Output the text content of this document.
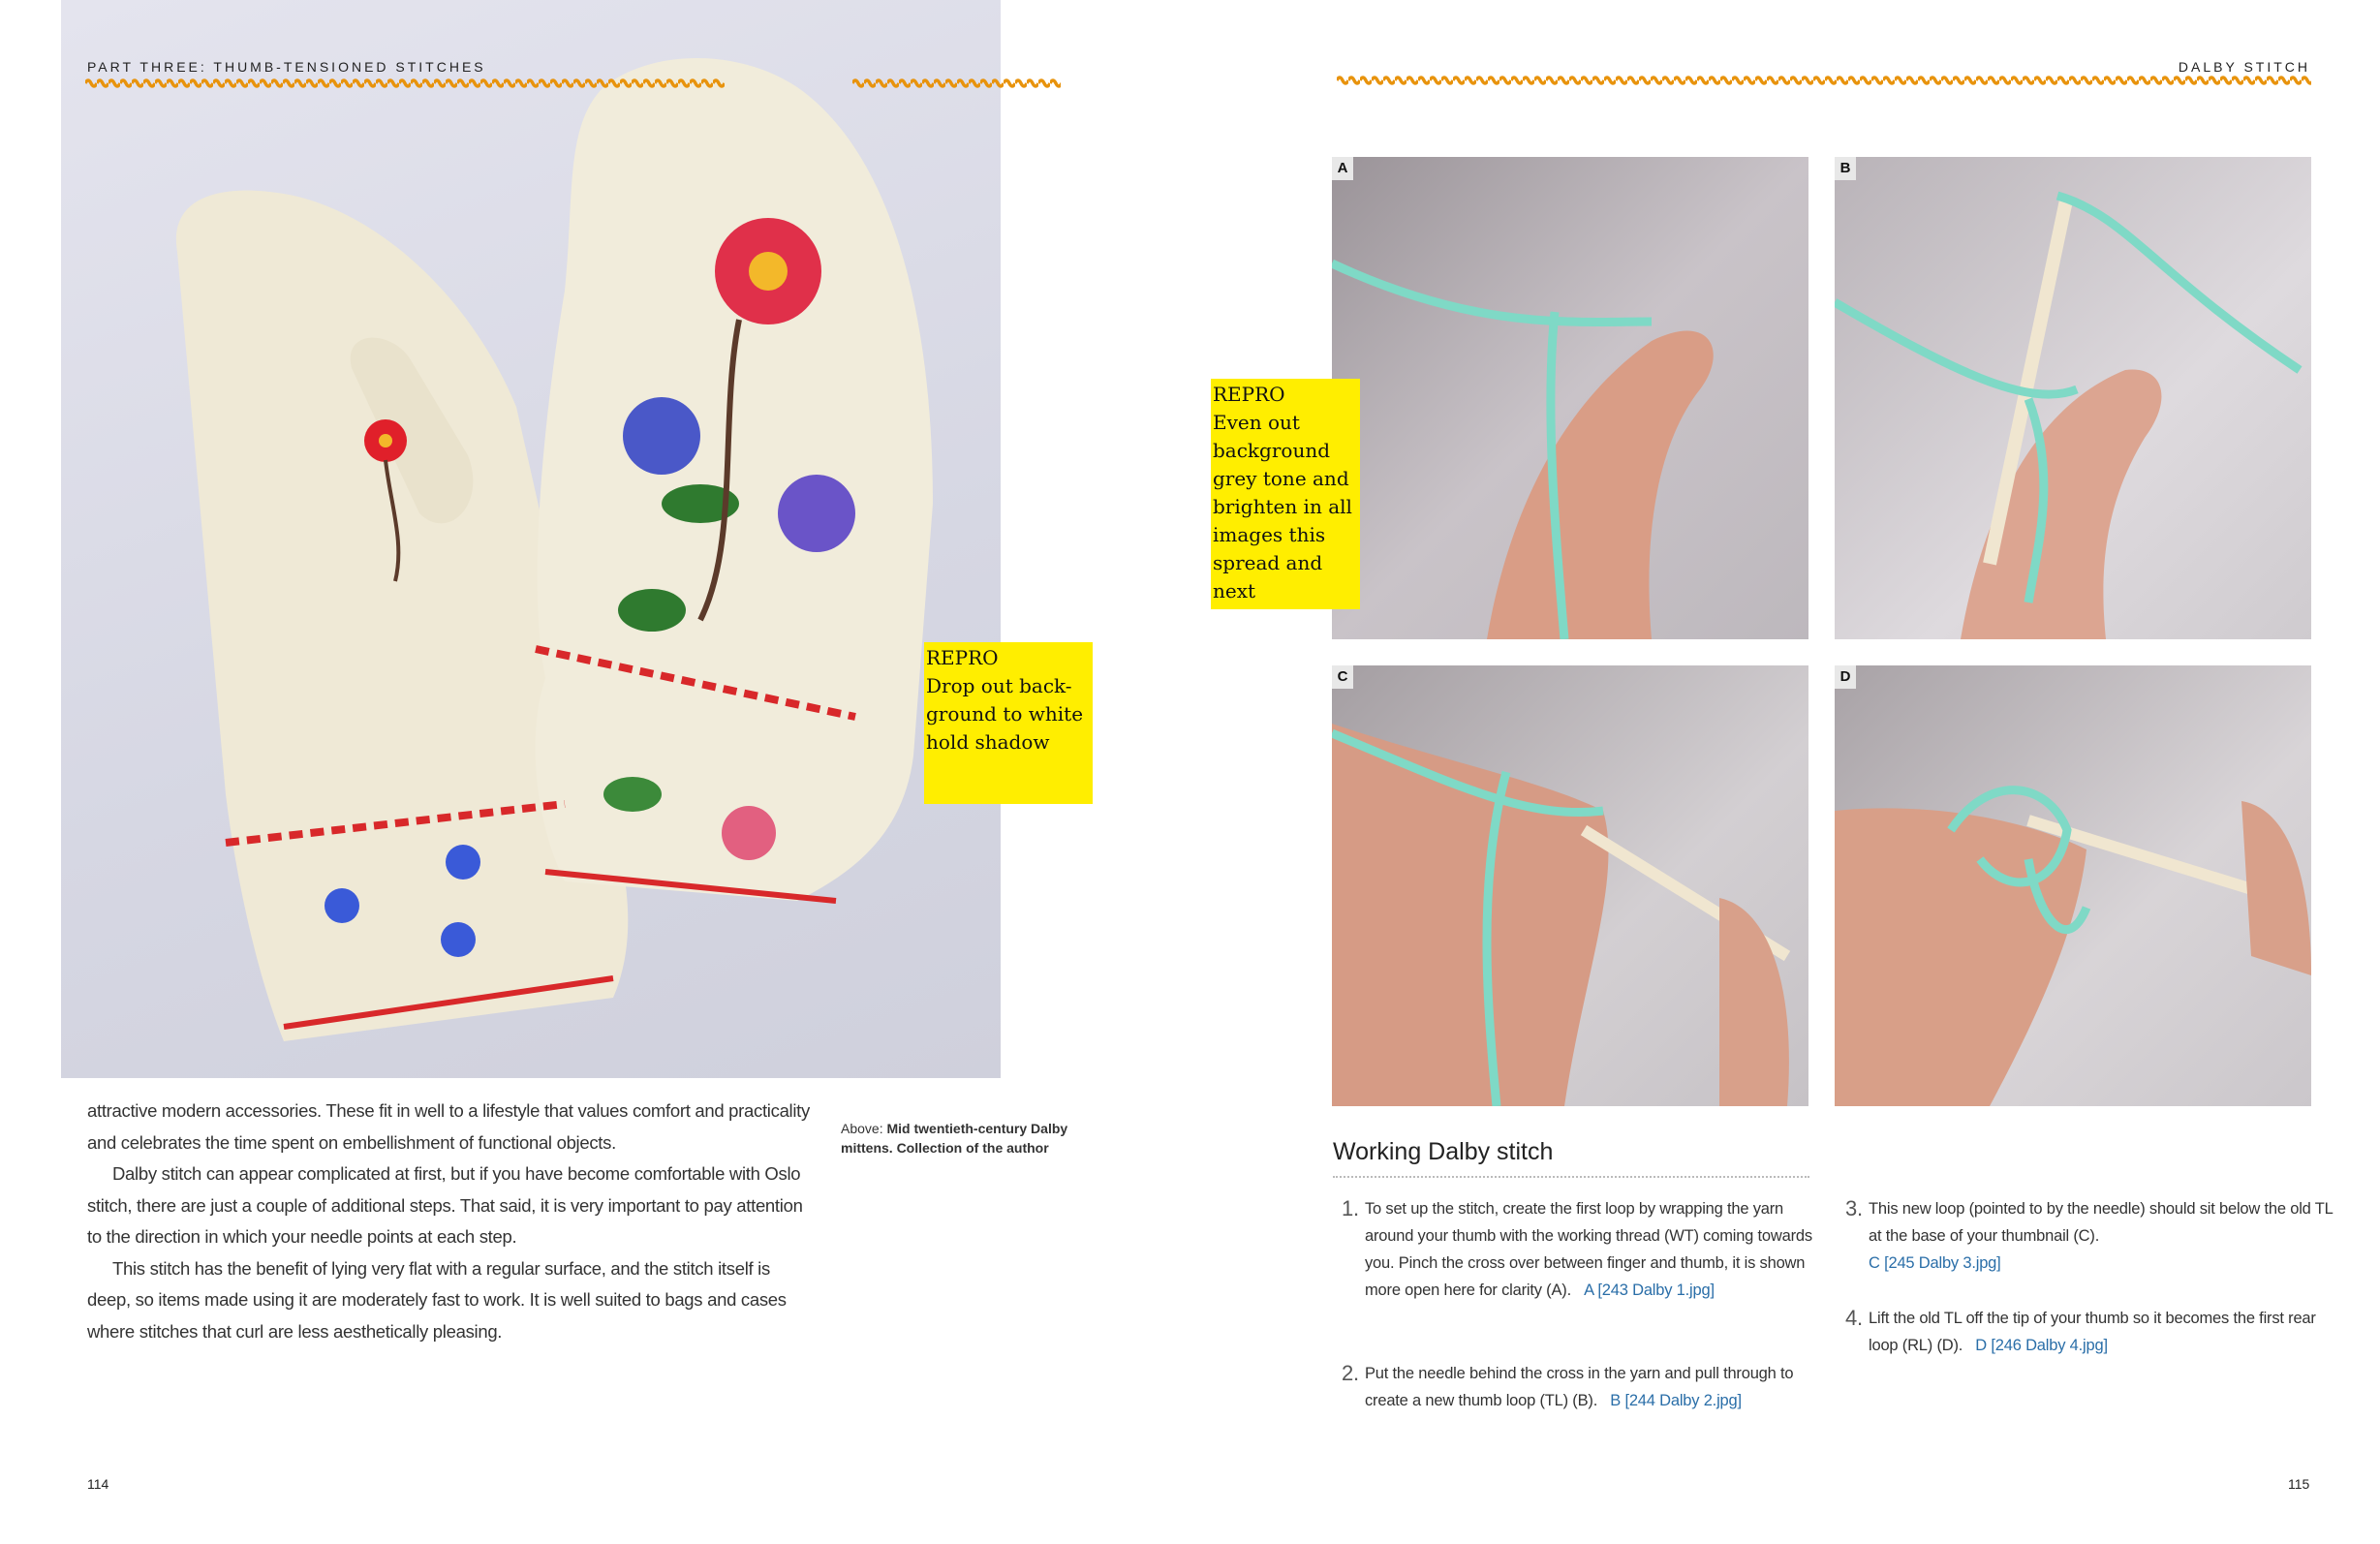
PART THREE: THUMB-TENSIONED STITCHES
REPRO
Drop out back-ground to white hold shadow

attractive modern accessories. These fit in well to a lifestyle that values comfort and practicality and celebrates the time spent on embellishment of functional objects.

Dalby stitch can appear complicated at first, but if you have become comfortable with Oslo stitch, there are just a couple of additional steps. That said, it is very important to pay attention to the direction in which your needle points at each step.

This stitch has the benefit of lying very flat with a regular surface, and the stitch itself is deep, so items made using it are moderately fast to work. It is well suited to bags and cases where stitches that curl are less aesthetically pleasing.

Above: Mid twentieth-century Dalby mittens. Collection of the author
114
DALBY STITCH
A	B
C	D
REPRO
Even out background grey tone and brighten in all images this spread and next
Working Dalby stitch
1. To set up the stitch, create the first loop by wrapping the yarn around your thumb with the working thread (WT) coming towards you. Pinch the cross over between finger and thumb, it is shown more open here for clarity (A). A [243 Dalby 1.jpg]
2. Put the needle behind the cross in the yarn and pull through to create a new thumb loop (TL) (B). B [244 Dalby 2.jpg]
3. This new loop (pointed to by the needle) should sit below the old TL at the base of your thumbnail (C).
C [245 Dalby 3.jpg]
4. Lift the old TL off the tip of your thumb so it becomes the first rear loop (RL) (D). D [246 Dalby 4.jpg]
115
